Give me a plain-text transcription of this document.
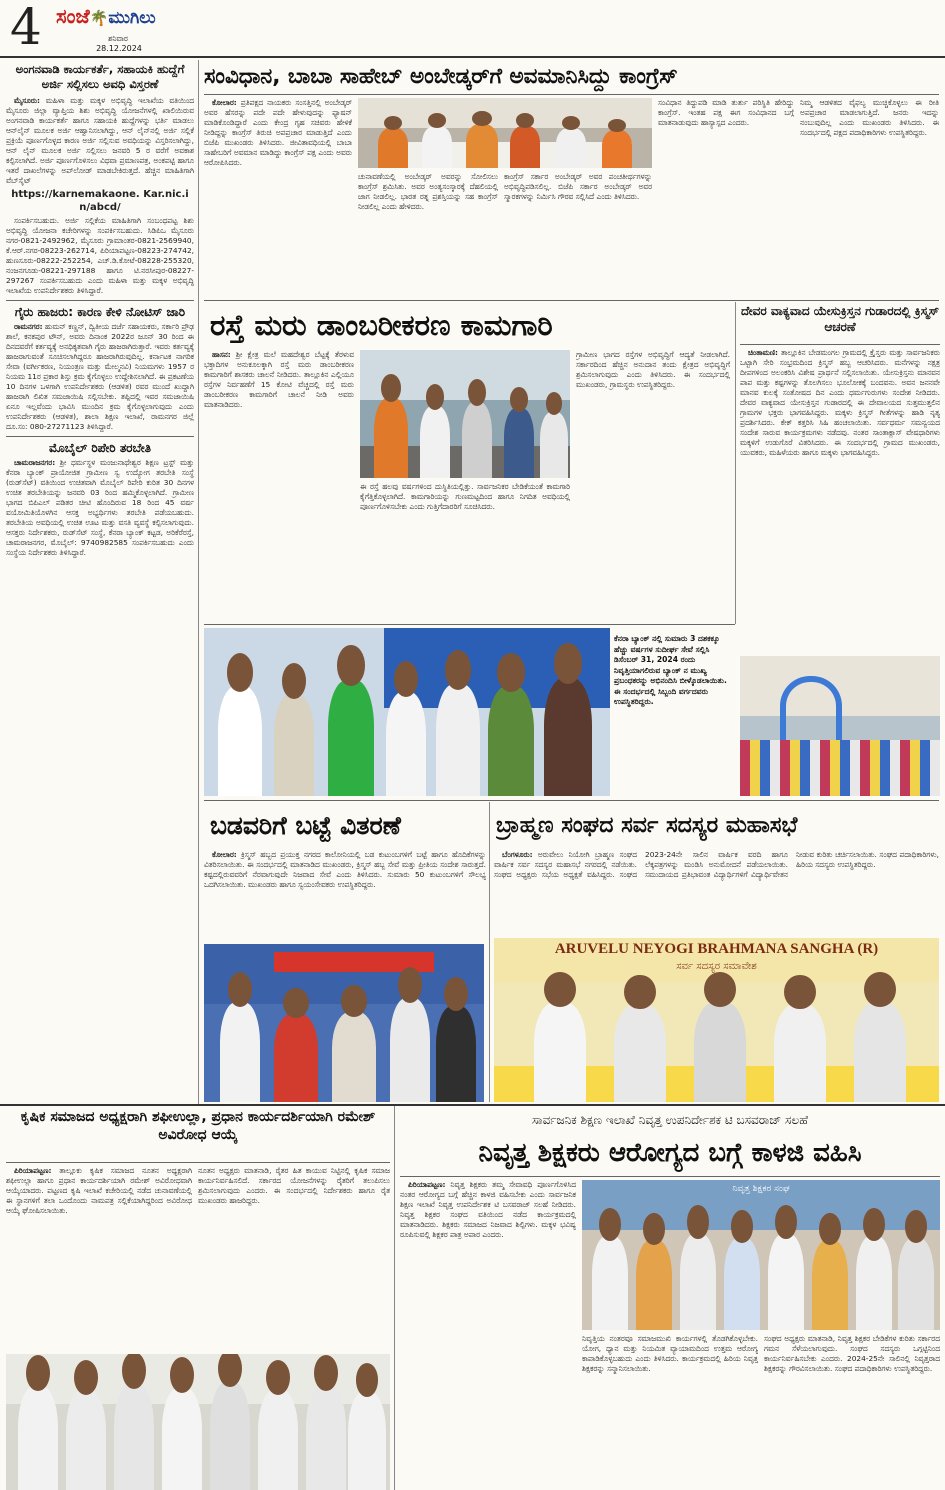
4 ಸಂಜೆ🌴ಮುಗಿಲು
ಶನಿವಾರ
28.12.2024
ಅಂಗನವಾಡಿ ಕಾರ್ಯಕರ್ತೆ, ಸಹಾಯಕಿ ಹುದ್ದೆಗೆ ಅರ್ಜಿ ಸಲ್ಲಿಸಲು ಅವಧಿ ವಿಸ್ತರಣೆ

ಮೈಸೂರು: ಮಹಿಳಾ ಮತ್ತು ಮಕ್ಕಳ ಅಭಿವೃದ್ಧಿ ಇಲಾಖೆಯ ವತಿಯಿಂದ ಮೈಸೂರು ಜಿಲ್ಲಾ ವ್ಯಾಪ್ತಿಯ ಶಿಶು ಅಭಿವೃದ್ಧಿ ಯೋಜನೆಗಳಲ್ಲಿ ಖಾಲಿಯಿರುವ ಅಂಗನವಾಡಿ ಕಾರ್ಯಕರ್ತೆ ಹಾಗೂ ಸಹಾಯಕಿ ಹುದ್ದೆಗಳನ್ನು ಭರ್ತಿ ಮಾಡಲು ಆನ್‌ಲೈನ್ ಮೂಲಕ ಅರ್ಜಿ ಆಹ್ವಾನಿಸಲಾಗಿದ್ದು, ಆನ್ ಲೈನ್‌ನಲ್ಲಿ ಅರ್ಜಿ ಸಲ್ಲಿಕೆ ಪ್ರಕ್ರಿಯೆ ಪೂರ್ಣಗೊಳ್ಳದ ಕಾರಣ ಅರ್ಜಿ ಸಲ್ಲಿಸುವ ಅವಧಿಯನ್ನು ವಿಸ್ತರಿಸಲಾಗಿದ್ದು, ಆನ್ ಲೈನ್ ಮೂಲಕ ಅರ್ಜಿ ಸಲ್ಲಿಸಲು ಜನವರಿ 5 ರ ವರೆಗೆ ಅವಕಾಶ ಕಲ್ಪಿಸಲಾಗಿದೆ. ಅರ್ಜಿ ಪೂರ್ಣಗೊಳಿಸಲು ವಿಧವಾ ಪ್ರಮಾಣಪತ್ರ, ಅಂಕಪಟ್ಟಿ ಹಾಗೂ ಇತರೆ ದಾಖಲೆಗಳನ್ನು ಅಪ್‌ಲೋಡ್ ಮಾಡಬೇಕಿರುತ್ತದೆ. ಹೆಚ್ಚಿನ ಮಾಹಿತಿಗಾಗಿ ವೆಬ್‌ಸೈಟ್

https://karnemakaone. Kar.nic.in/abcd/

ಸಂಪರ್ಕಿಸಬಹುದು. ಅರ್ಜಿ ಸಲ್ಲಿಕೆಯ ಮಾಹಿತಿಗಾಗಿ ಸಂಬಂಧಪಟ್ಟ ಶಿಶು ಅಭಿವೃದ್ಧಿ ಯೋಜನಾ ಕಚೇರಿಗಳನ್ನು ಸಂಪರ್ಕಿಸಬಹುದು. ಸಿಡಿಪಿಒ ಮೈಸೂರು ನಗರ-0821-2492962, ಮೈಸೂರು ಗ್ರಾಮಾಂತರ-0821-2569940, ಕೆ.ಆರ್.ನಗರ-08223-262714, ಪಿರಿಯಾಪಟ್ಟಣ-08223-274742, ಹುಣಸೂರು-08222-252254, ಎಚ್.ಡಿ.ಕೋಟೆ-08228-255320, ನಂಜನಗೂಡು-08221-297188 ಹಾಗೂ ಟಿ.ನರಸೀಪುರ-08227-297267 ಸಂಪರ್ಕಿಸಬಹುದು ಎಂದು ಮಹಿಳಾ ಮತ್ತು ಮಕ್ಕಳ ಅಭಿವೃದ್ಧಿ ಇಲಾಖೆಯ ಉಪನಿರ್ದೇಶಕರು ತಿಳಿಸಿದ್ದಾರೆ.

ಗೈರು ಹಾಜರು: ಕಾರಣ ಕೇಳಿ ನೋಟಿಸ್ ಜಾರಿ

ರಾಮನಗರ: ಹುಮನ್ ಕಣ್ಣನ್, ದ್ವಿತೀಯ ದರ್ಜೆ ಸಹಾಯಕರು, ಸರ್ಕಾರಿ ಪ್ರೌಢ ಶಾಲೆ, ಕನಕಪುರ ಟೌನ್, ಅವರು ದಿನಾಂಕ 2022ರ ಜೂನ್ 30 ರಿಂದ ಈ ದಿನದವರೆಗೆ ಕರ್ತವ್ಯಕ್ಕೆ ಅನಧಿಕೃತವಾಗಿ ಗೈರು ಹಾಜರಾಗಿರುತ್ತಾರೆ. ಇವರು ಕರ್ತವ್ಯಕ್ಕೆ ಹಾಜರಾಗುವಂತೆ ಸೂಚಿಸಲಾಗಿದ್ದರೂ ಹಾಜರಾಗಿರುವುದಿಲ್ಲ. ಕರ್ನಾಟಕ ನಾಗರಿಕ ಸೇವಾ (ವರ್ಗೀಕರಣ, ನಿಯಂತ್ರಣ ಮತ್ತು ಮೇಲ್ಮನವಿ) ನಿಯಮಗಳು 1957 ರ ನಿಯಮ 11ರ ಪ್ರಕಾರ ಶಿಸ್ತು ಕ್ರಮ ಕೈಗೊಳ್ಳಲು ಉದ್ದೇಶಿಸಲಾಗಿದೆ. ಈ ಪ್ರಕಟಣೆಯ 10 ದಿನಗಳ ಒಳಗಾಗಿ ಉಪನಿರ್ದೇಶಕರು (ಆಡಳಿತ) ರವರ ಮುಂದೆ ಖುದ್ದಾಗಿ ಹಾಜರಾಗಿ ಲಿಖಿತ ಸಮಜಾಯಿಷಿ ಸಲ್ಲಿಸಬೇಕು. ತಪ್ಪಿದಲ್ಲಿ ಇವರ ಸಮಜಾಯಿಷಿ ಏನೂ ಇಲ್ಲವೆಂದು ಭಾವಿಸಿ ಮುಂದಿನ ಕ್ರಮ ಕೈಗೊಳ್ಳಲಾಗುವುದು ಎಂದು ಉಪನಿರ್ದೇಶಕರು (ಆಡಳಿತ), ಶಾಲಾ ಶಿಕ್ಷಣ ಇಲಾಖೆ, ರಾಮನಗರ ಜಿಲ್ಲೆ ದೂ.ಸಂ: 080-27271123 ತಿಳಿಸಿದ್ದಾರೆ.

ಮೊಬೈಲ್ ರಿಪೇರಿ ತರಬೇತಿ

ಚಾಮರಾಜನಗರ: ಶ್ರೀ ಧರ್ಮಸ್ಥಳ ಮಂಜುನಾಥೇಶ್ವರ ಶಿಕ್ಷಣ ಟ್ರಸ್ಟ್ ಮತ್ತು ಕೆನರಾ ಬ್ಯಾಂಕ್ ಪ್ರಾಯೋಜಿತ ಗ್ರಾಮೀಣ ಸ್ವ ಉದ್ಯೋಗ ತರಬೇತಿ ಸಂಸ್ಥೆ (ರುಡ್‌ಸೆಟ್) ವತಿಯಿಂದ ಉಚಿತವಾಗಿ ಮೊಬೈಲ್ ರಿಪೇರಿ ಕುರಿತ 30 ದಿನಗಳ ಉಚಿತ ತರಬೇತಿಯನ್ನು ಜನವರಿ 03 ರಿಂದ ಹಮ್ಮಿಕೊಳ್ಳಲಾಗಿದೆ. ಗ್ರಾಮೀಣ ಭಾಗದ ಬಿಪಿಎಲ್ ಪಡಿತರ ಚೀಟಿ ಹೊಂದಿರುವ 18 ರಿಂದ 45 ವರ್ಷ ವಯೋಮಿತಿಯೊಳಗಿನ ಆಸಕ್ತ ಅಭ್ಯರ್ಥಿಗಳು ತರಬೇತಿ ಪಡೆಯಬಹುದು. ತರಬೇತಿಯ ಅವಧಿಯಲ್ಲಿ ಉಚಿತ ಊಟ ಮತ್ತು ವಸತಿ ವ್ಯವಸ್ಥೆ ಕಲ್ಪಿಸಲಾಗುವುದು. ಆಸಕ್ತರು ನಿರ್ದೇಶಕರು, ರುಡ್‌ಸೆಟ್ ಸಂಸ್ಥೆ, ಕೆನರಾ ಬ್ಯಾಂಕ್ ಕಟ್ಟಡ, ಅರಿಕೆರೆರಸ್ತೆ, ಚಾಮರಾಜನಗರ, ಮೊಬೈಲ್: 9740982585 ಸಂಪರ್ಕಿಸಬಹುದು ಎಂದು ಸಂಸ್ಥೆಯ ನಿರ್ದೇಶಕರು ತಿಳಿಸಿದ್ದಾರೆ.

ಸಂವಿಧಾನ, ಬಾಬಾ ಸಾಹೇಬ್ ಅಂಬೇಡ್ಕರ್‌ಗೆ ಅವಮಾನಿಸಿದ್ದು ಕಾಂಗ್ರೆಸ್

ಕೋಲಾರ: ಪ್ರತಿಪಕ್ಷದ ನಾಯಕರು ಸಂಸತ್ತಿನಲ್ಲಿ ಅಂಬೇಡ್ಕರ್ ಅವರ ಹೆಸರನ್ನು ಪದೇ ಪದೇ ಹೇಳುವುದನ್ನು ಫ್ಯಾಷನ್ ಮಾಡಿಕೊಂಡಿದ್ದಾರೆ ಎಂದು ಕೇಂದ್ರ ಗೃಹ ಸಚಿವರು ಹೇಳಿಕೆ ನೀಡಿದ್ದನ್ನು ಕಾಂಗ್ರೆಸ್ ತಿರುಚಿ ಅಪಪ್ರಚಾರ ಮಾಡುತ್ತಿದೆ ಎಂದು ಬಿಜೆಪಿ ಮುಖಂಡರು ತಿಳಿಸಿದರು. ಜೀವಿತಾವಧಿಯಲ್ಲಿ ಬಾಬಾ ಸಾಹೇಬರಿಗೆ ಅವಮಾನ ಮಾಡಿದ್ದು ಕಾಂಗ್ರೆಸ್ ಪಕ್ಷ ಎಂದು ಅವರು ಆರೋಪಿಸಿದರು.

ಚುನಾವಣೆಯಲ್ಲಿ ಅಂಬೇಡ್ಕರ್ ಅವರನ್ನು ಸೋಲಿಸಲು ಕಾಂಗ್ರೆಸ್ ಶ್ರಮಿಸಿತು. ಅವರ ಅಂತ್ಯಸಂಸ್ಕಾರಕ್ಕೆ ದೆಹಲಿಯಲ್ಲಿ ಜಾಗ ನೀಡಲಿಲ್ಲ. ಭಾರತ ರತ್ನ ಪ್ರಶಸ್ತಿಯನ್ನು ಸಹ ಕಾಂಗ್ರೆಸ್ ನೀಡಲಿಲ್ಲ ಎಂದು ಹೇಳಿದರು.
ಕಾಂಗ್ರೆಸ್ ಸರ್ಕಾರ ಅಂಬೇಡ್ಕರ್ ಅವರ ಪಂಚತೀರ್ಥಗಳನ್ನು ಅಭಿವೃದ್ಧಿಪಡಿಸಲಿಲ್ಲ. ಬಿಜೆಪಿ ಸರ್ಕಾರ ಅಂಬೇಡ್ಕರ್ ಅವರ ಸ್ಮಾರಕಗಳನ್ನು ನಿರ್ಮಿಸಿ ಗೌರವ ಸಲ್ಲಿಸಿದೆ ಎಂದು ತಿಳಿಸಿದರು.
ಸಂವಿಧಾನ ತಿದ್ದುಪಡಿ ಮಾಡಿ ತುರ್ತು ಪರಿಸ್ಥಿತಿ ಹೇರಿದ್ದು ಕಾಂಗ್ರೆಸ್. ಇಂತಹ ಪಕ್ಷ ಈಗ ಸಂವಿಧಾನದ ಬಗ್ಗೆ ಮಾತನಾಡುವುದು ಹಾಸ್ಯಾಸ್ಪದ ಎಂದರು.
ನಿಮ್ಮ ಆಡಳಿತದ ವೈಫಲ್ಯ ಮುಚ್ಚಿಕೊಳ್ಳಲು ಈ ರೀತಿ ಅಪಪ್ರಚಾರ ಮಾಡಲಾಗುತ್ತಿದೆ. ಜನರು ಇದನ್ನು ನಂಬುವುದಿಲ್ಲ ಎಂದು ಮುಖಂಡರು ತಿಳಿಸಿದರು. ಈ ಸಂದರ್ಭದಲ್ಲಿ ಪಕ್ಷದ ಪದಾಧಿಕಾರಿಗಳು ಉಪಸ್ಥಿತರಿದ್ದರು.
ರಸ್ತೆ ಮರು ಡಾಂಬರೀಕರಣ ಕಾಮಗಾರಿ

ಹಾಸನ: ಶ್ರೀ ಕ್ಷೇತ್ರ ಮಲೆ ಮಹದೇಶ್ವರ ಬೆಟ್ಟಕ್ಕೆ ತೆರಳುವ ಭಕ್ತಾದಿಗಳ ಅನುಕೂಲಕ್ಕಾಗಿ ರಸ್ತೆ ಮರು ಡಾಂಬರೀಕರಣ ಕಾಮಗಾರಿಗೆ ಶಾಸಕರು ಚಾಲನೆ ನೀಡಿದರು. ತಾಲ್ಲೂಕಿನ ಎಲ್ಲಿಯೂ ರಸ್ತೆಗಳ ನಿರ್ವಹಣೆಗೆ 15 ಕೋಟಿ ವೆಚ್ಚದಲ್ಲಿ ರಸ್ತೆ ಮರು ಡಾಂಬರೀಕರಣ ಕಾಮಗಾರಿಗೆ ಚಾಲನೆ ನೀಡಿ ಅವರು ಮಾತನಾಡಿದರು.

ಈ ರಸ್ತೆ ಹಲವು ವರ್ಷಗಳಿಂದ ದುಸ್ಥಿತಿಯಲ್ಲಿತ್ತು. ಸಾರ್ವಜನಿಕರ ಬೇಡಿಕೆಯಂತೆ ಕಾಮಗಾರಿ ಕೈಗೆತ್ತಿಕೊಳ್ಳಲಾಗಿದೆ. ಕಾಮಗಾರಿಯನ್ನು ಗುಣಮಟ್ಟದಿಂದ ಹಾಗೂ ನಿಗದಿತ ಅವಧಿಯಲ್ಲಿ ಪೂರ್ಣಗೊಳಿಸಬೇಕು ಎಂದು ಗುತ್ತಿಗೆದಾರರಿಗೆ ಸೂಚಿಸಿದರು.
ಗ್ರಾಮೀಣ ಭಾಗದ ರಸ್ತೆಗಳ ಅಭಿವೃದ್ಧಿಗೆ ಆದ್ಯತೆ ನೀಡಲಾಗಿದೆ. ಸರ್ಕಾರದಿಂದ ಹೆಚ್ಚಿನ ಅನುದಾನ ತಂದು ಕ್ಷೇತ್ರದ ಅಭಿವೃದ್ಧಿಗೆ ಶ್ರಮಿಸಲಾಗುವುದು ಎಂದು ತಿಳಿಸಿದರು. ಈ ಸಂದರ್ಭದಲ್ಲಿ ಮುಖಂಡರು, ಗ್ರಾಮಸ್ಥರು ಉಪಸ್ಥಿತರಿದ್ದರು.
ದೇವರ ವಾಕ್ಯವಾದ ಯೇಸುಕ್ರಿಸ್ತನ ಗುಡಾರದಲ್ಲಿ ಕ್ರಿಸ್ಮಸ್ ಆಚರಣೆ

ಚಿಂತಾಮಣಿ: ತಾಲ್ಲೂಕಿನ ಬೇಡಮಂಗಲ ಗ್ರಾಮದಲ್ಲಿ ಕ್ರೈಸ್ತರು ಮತ್ತು ಸಾರ್ವಜನಿಕರು ಒಟ್ಟಾಗಿ ಸೇರಿ ಸಂಭ್ರಮದಿಂದ ಕ್ರಿಸ್ಮಸ್ ಹಬ್ಬ ಆಚರಿಸಿದರು. ಮನೆಗಳನ್ನು ನಕ್ಷತ್ರ ದೀಪಗಳಿಂದ ಅಲಂಕರಿಸಿ ವಿಶೇಷ ಪ್ರಾರ್ಥನೆ ಸಲ್ಲಿಸಲಾಯಿತು. ಯೇಸುಕ್ರಿಸ್ತನು ಮಾನವನ ಪಾಪ ಮತ್ತು ಕಷ್ಟಗಳನ್ನು ತೊಲಗಿಸಲು ಭೂಲೋಕಕ್ಕೆ ಬಂದವನು. ಅವನ ಜನನವೇ ಮಾನವ ಕುಲಕ್ಕೆ ಸಂತೋಷದ ದಿನ ಎಂದು ಧರ್ಮಗುರುಗಳು ಸಂದೇಶ ನೀಡಿದರು. ದೇವರ ವಾಕ್ಯವಾದ ಯೇಸುಕ್ರಿಸ್ತನ ಗುಡಾರದಲ್ಲಿ ಈ ದೇವಾಲಯದ ಸುತ್ತಮುತ್ತಲಿನ ಗ್ರಾಮಗಳ ಭಕ್ತರು ಭಾಗವಹಿಸಿದ್ದರು. ಮಕ್ಕಳು ಕ್ರಿಸ್ಮಸ್ ಗೀತೆಗಳನ್ನು ಹಾಡಿ ನೃತ್ಯ ಪ್ರದರ್ಶಿಸಿದರು. ಕೇಕ್ ಕತ್ತರಿಸಿ ಸಿಹಿ ಹಂಚಲಾಯಿತು. ಸರ್ವಧರ್ಮ ಸಮನ್ವಯದ ಸಂದೇಶ ಸಾರುವ ಕಾರ್ಯಕ್ರಮಗಳು ನಡೆದವು. ನಂತರ ಸಾಂತಾಕ್ಲಾಸ್ ವೇಷಧಾರಿಗಳು ಮಕ್ಕಳಿಗೆ ಉಡುಗೊರೆ ವಿತರಿಸಿದರು. ಈ ಸಂದರ್ಭದಲ್ಲಿ ಗ್ರಾಮದ ಮುಖಂಡರು, ಯುವಕರು, ಮಹಿಳೆಯರು ಹಾಗೂ ಮಕ್ಕಳು ಭಾಗವಹಿಸಿದ್ದರು.

ಕೆನರಾ ಬ್ಯಾಂಕ್ ನಲ್ಲಿ ಸುಮಾರು 3 ದಶಕಕ್ಕೂ ಹೆಚ್ಚು ವರ್ಷಗಳ ಸುದೀರ್ಘ ಸೇವೆ ಸಲ್ಲಿಸಿ ಡಿಸೆಂಬರ್ 31, 2024 ರಂದು ನಿವೃತ್ತಿಯಾಗಲಿರುವ ಬ್ಯಾಂಕ್ ನ ಮುಖ್ಯ ಪ್ರಬಂಧಕರನ್ನು ಅಭಿನಂದಿಸಿ ಬೀಳ್ಕೊಡಲಾಯಿತು. ಈ ಸಂದರ್ಭದಲ್ಲಿ ಸಿಬ್ಬಂದಿ ವರ್ಗದವರು ಉಪಸ್ಥಿತರಿದ್ದರು.
ಬಡವರಿಗೆ ಬಟ್ಟೆ ವಿತರಣೆ

ಕೋಲಾರ: ಕ್ರಿಸ್ಮಸ್ ಹಬ್ಬದ ಪ್ರಯುಕ್ತ ನಗರದ ಕಾಲೋನಿಯಲ್ಲಿ ಬಡ ಕುಟುಂಬಗಳಿಗೆ ಬಟ್ಟೆ ಹಾಗೂ ಹೊದಿಕೆಗಳನ್ನು ವಿತರಿಸಲಾಯಿತು. ಈ ಸಂದರ್ಭದಲ್ಲಿ ಮಾತನಾಡಿದ ಮುಖಂಡರು, ಕ್ರಿಸ್ಮಸ್ ಹಬ್ಬ ಸೇವೆ ಮತ್ತು ಪ್ರೀತಿಯ ಸಂದೇಶ ಸಾರುತ್ತದೆ. ಕಷ್ಟದಲ್ಲಿರುವವರಿಗೆ ನೆರವಾಗುವುದೇ ನಿಜವಾದ ಸೇವೆ ಎಂದು ತಿಳಿಸಿದರು. ಸುಮಾರು 50 ಕುಟುಂಬಗಳಿಗೆ ಸೌಲಭ್ಯ ಒದಗಿಸಲಾಯಿತು. ಮುಖಂಡರು ಹಾಗೂ ಸ್ವಯಂಸೇವಕರು ಉಪಸ್ಥಿತರಿದ್ದರು.

ಬ್ರಾಹ್ಮಣ ಸಂಘದ ಸರ್ವ ಸದಸ್ಯರ ಮಹಾಸಭೆ

ಬೆಂಗಳೂರು: ಅರುವೇಲು ನಿಯೋಗಿ ಬ್ರಾಹ್ಮಣ ಸಂಘದ ವಾರ್ಷಿಕ ಸರ್ವ ಸದಸ್ಯರ ಮಹಾಸಭೆ ನಗರದಲ್ಲಿ ನಡೆಯಿತು. ಸಂಘದ ಅಧ್ಯಕ್ಷರು ಸಭೆಯ ಅಧ್ಯಕ್ಷತೆ ವಹಿಸಿದ್ದರು. ಸಂಘದ 2023-24ನೇ ಸಾಲಿನ ವಾರ್ಷಿಕ ವರದಿ ಹಾಗೂ ಲೆಕ್ಕಪತ್ರಗಳನ್ನು ಮಂಡಿಸಿ ಅನುಮೋದನೆ ಪಡೆಯಲಾಯಿತು. ಸಮುದಾಯದ ಪ್ರತಿಭಾವಂತ ವಿದ್ಯಾರ್ಥಿಗಳಿಗೆ ವಿದ್ಯಾರ್ಥಿವೇತನ ನೀಡುವ ಕುರಿತು ಚರ್ಚಿಸಲಾಯಿತು. ಸಂಘದ ಪದಾಧಿಕಾರಿಗಳು, ಹಿರಿಯ ಸದಸ್ಯರು ಉಪಸ್ಥಿತರಿದ್ದರು.

ARUVELU NEYOGI BRAHMANA SANGHA (R)
ಸರ್ವ ಸದಸ್ಯರ ಸಮಾವೇಶ
ಕೃಷಿಕ ಸಮಾಜದ ಅಧ್ಯಕ್ಷರಾಗಿ ಶಫೀಉಲ್ಲಾ, ಪ್ರಧಾನ ಕಾರ್ಯದರ್ಶಿಯಾಗಿ ರಮೇಶ್ ಅವಿರೋಧ ಆಯ್ಕೆ

ಪಿರಿಯಾಪಟ್ಟಣ: ತಾಲ್ಲೂಕು ಕೃಷಿಕ ಸಮಾಜದ ನೂತನ ಅಧ್ಯಕ್ಷರಾಗಿ ಶಫೀಉಲ್ಲಾ ಹಾಗೂ ಪ್ರಧಾನ ಕಾರ್ಯದರ್ಶಿಯಾಗಿ ರಮೇಶ್ ಅವಿರೋಧವಾಗಿ ಆಯ್ಕೆಯಾದರು. ಪಟ್ಟಣದ ಕೃಷಿ ಇಲಾಖೆ ಕಚೇರಿಯಲ್ಲಿ ನಡೆದ ಚುನಾವಣೆಯಲ್ಲಿ ಈ ಸ್ಥಾನಗಳಿಗೆ ತಲಾ ಒಂದೊಂದು ನಾಮಪತ್ರ ಸಲ್ಲಿಕೆಯಾಗಿದ್ದರಿಂದ ಅವಿರೋಧ ಆಯ್ಕೆ ಘೋಷಿಸಲಾಯಿತು.

ನೂತನ ಅಧ್ಯಕ್ಷರು ಮಾತನಾಡಿ, ರೈತರ ಹಿತ ಕಾಯುವ ನಿಟ್ಟಿನಲ್ಲಿ ಕೃಷಿಕ ಸಮಾಜ ಕಾರ್ಯನಿರ್ವಹಿಸಲಿದೆ. ಸರ್ಕಾರದ ಯೋಜನೆಗಳನ್ನು ರೈತರಿಗೆ ತಲುಪಿಸಲು ಶ್ರಮಿಸಲಾಗುವುದು ಎಂದರು. ಈ ಸಂದರ್ಭದಲ್ಲಿ ನಿರ್ದೇಶಕರು ಹಾಗೂ ರೈತ ಮುಖಂಡರು ಹಾಜರಿದ್ದರು.
ಸಾರ್ವಜನಿಕ ಶಿಕ್ಷಣ ಇಲಾಖೆ ನಿವೃತ್ತ ಉಪನಿರ್ದೇಶಕ ಟಿ ಬಸವರಾಜ್ ಸಲಹೆ
ನಿವೃತ್ತ ಶಿಕ್ಷಕರು ಆರೋಗ್ಯದ ಬಗ್ಗೆ ಕಾಳಜಿ ವಹಿಸಿ

ಪಿರಿಯಾಪಟ್ಟಣ: ನಿವೃತ್ತ ಶಿಕ್ಷಕರು ತಮ್ಮ ಸೇವಾವಧಿ ಪೂರ್ಣಗೊಳಿಸಿದ ನಂತರ ಆರೋಗ್ಯದ ಬಗ್ಗೆ ಹೆಚ್ಚಿನ ಕಾಳಜಿ ವಹಿಸಬೇಕು ಎಂದು ಸಾರ್ವಜನಿಕ ಶಿಕ್ಷಣ ಇಲಾಖೆ ನಿವೃತ್ತ ಉಪನಿರ್ದೇಶಕ ಟಿ ಬಸವರಾಜ್ ಸಲಹೆ ನೀಡಿದರು. ನಿವೃತ್ತ ಶಿಕ್ಷಕರ ಸಂಘದ ವತಿಯಿಂದ ನಡೆದ ಕಾರ್ಯಕ್ರಮದಲ್ಲಿ ಮಾತನಾಡಿದರು. ಶಿಕ್ಷಕರು ಸಮಾಜದ ನಿಜವಾದ ಶಿಲ್ಪಿಗಳು. ಮಕ್ಕಳ ಭವಿಷ್ಯ ರೂಪಿಸುವಲ್ಲಿ ಶಿಕ್ಷಕರ ಪಾತ್ರ ಅಪಾರ ಎಂದರು.

ನಿವೃತ್ತ ಶಿಕ್ಷಕರ ಸಂಘ
ನಿವೃತ್ತಿಯ ನಂತರವೂ ಸಮಾಜಮುಖಿ ಕಾರ್ಯಗಳಲ್ಲಿ ತೊಡಗಿಕೊಳ್ಳಬೇಕು. ಯೋಗ, ಧ್ಯಾನ ಮತ್ತು ನಿಯಮಿತ ವ್ಯಾಯಾಮದಿಂದ ಉತ್ತಮ ಆರೋಗ್ಯ ಕಾಪಾಡಿಕೊಳ್ಳಬಹುದು ಎಂದು ತಿಳಿಸಿದರು. ಕಾರ್ಯಕ್ರಮದಲ್ಲಿ ಹಿರಿಯ ನಿವೃತ್ತ ಶಿಕ್ಷಕರನ್ನು ಸನ್ಮಾನಿಸಲಾಯಿತು.
ಸಂಘದ ಅಧ್ಯಕ್ಷರು ಮಾತನಾಡಿ, ನಿವೃತ್ತ ಶಿಕ್ಷಕರ ಬೇಡಿಕೆಗಳ ಕುರಿತು ಸರ್ಕಾರದ ಗಮನ ಸೆಳೆಯಲಾಗುವುದು. ಸಂಘದ ಸದಸ್ಯರು ಒಗ್ಗಟ್ಟಿನಿಂದ ಕಾರ್ಯನಿರ್ವಹಿಸಬೇಕು ಎಂದರು. 2024-25ನೇ ಸಾಲಿನಲ್ಲಿ ನಿವೃತ್ತರಾದ ಶಿಕ್ಷಕರನ್ನು ಗೌರವಿಸಲಾಯಿತು. ಸಂಘದ ಪದಾಧಿಕಾರಿಗಳು ಉಪಸ್ಥಿತರಿದ್ದರು.
